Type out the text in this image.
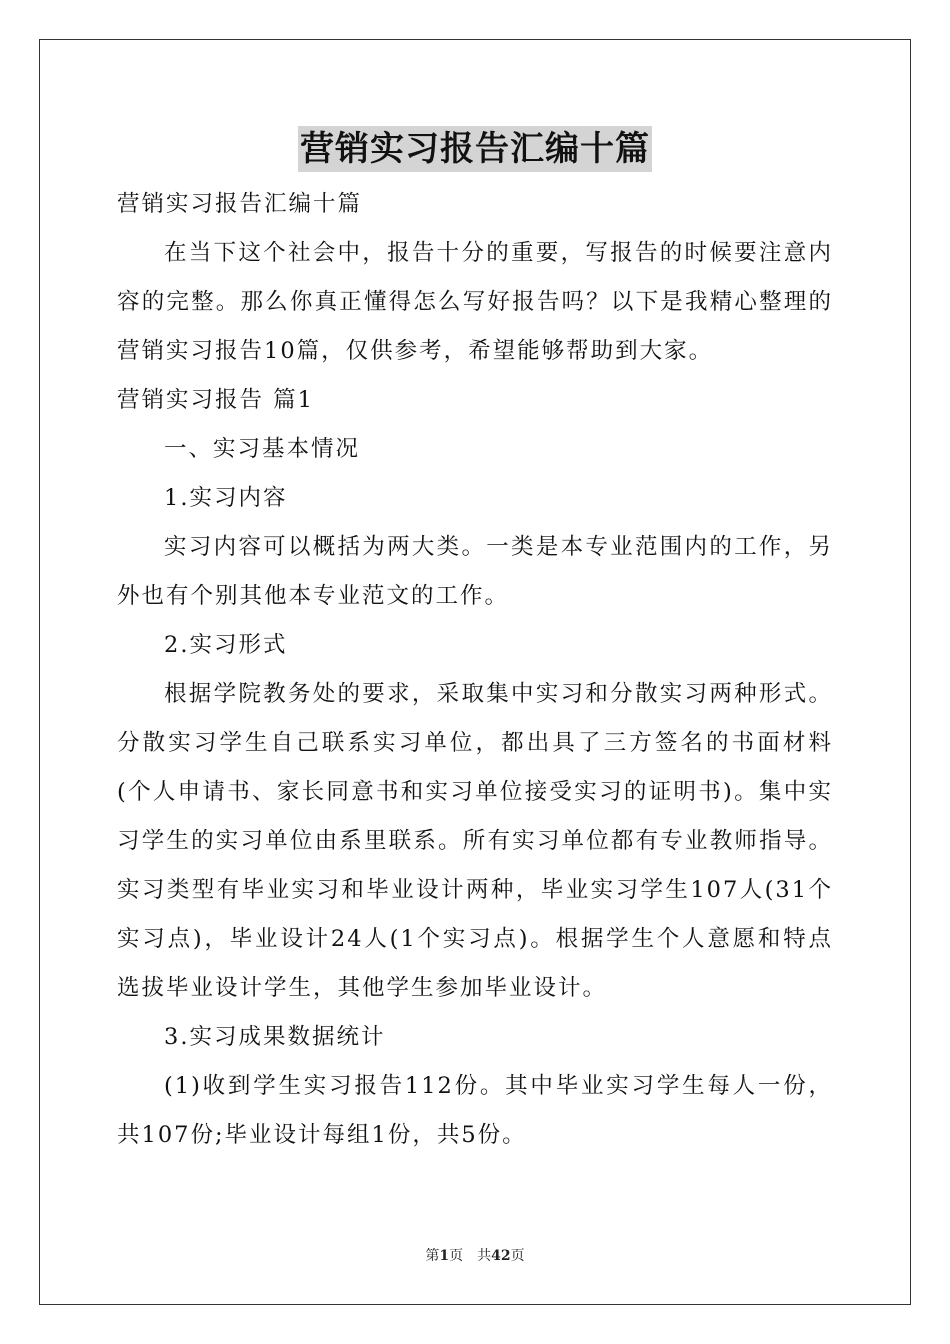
营销实习报告汇编十篇

营销实习报告汇编十篇

在当下这个社会中，报告十分的重要，写报告的时候要注意内容的完整。那么你真正懂得怎么写好报告吗？以下是我精心整理的营销实习报告10篇，仅供参考，希望能够帮助到大家。

营销实习报告 篇1

一、实习基本情况

1.实习内容

实习内容可以概括为两大类。一类是本专业范围内的工作，另外也有个别其他本专业范文的工作。

2.实习形式

根据学院教务处的要求，采取集中实习和分散实习两种形式。分散实习学生自己联系实习单位，都出具了三方签名的书面材料(个人申请书、家长同意书和实习单位接受实习的证明书)。集中实习学生的实习单位由系里联系。所有实习单位都有专业教师指导。实习类型有毕业实习和毕业设计两种，毕业实习学生107人(31个实习点)，毕业设计24人(1个实习点)。根据学生个人意愿和特点选拔毕业设计学生，其他学生参加毕业设计。

3.实习成果数据统计

(1)收到学生实习报告112份。其中毕业实习学生每人一份，共107份;毕业设计每组1份，共5份。

第1页　共42页
